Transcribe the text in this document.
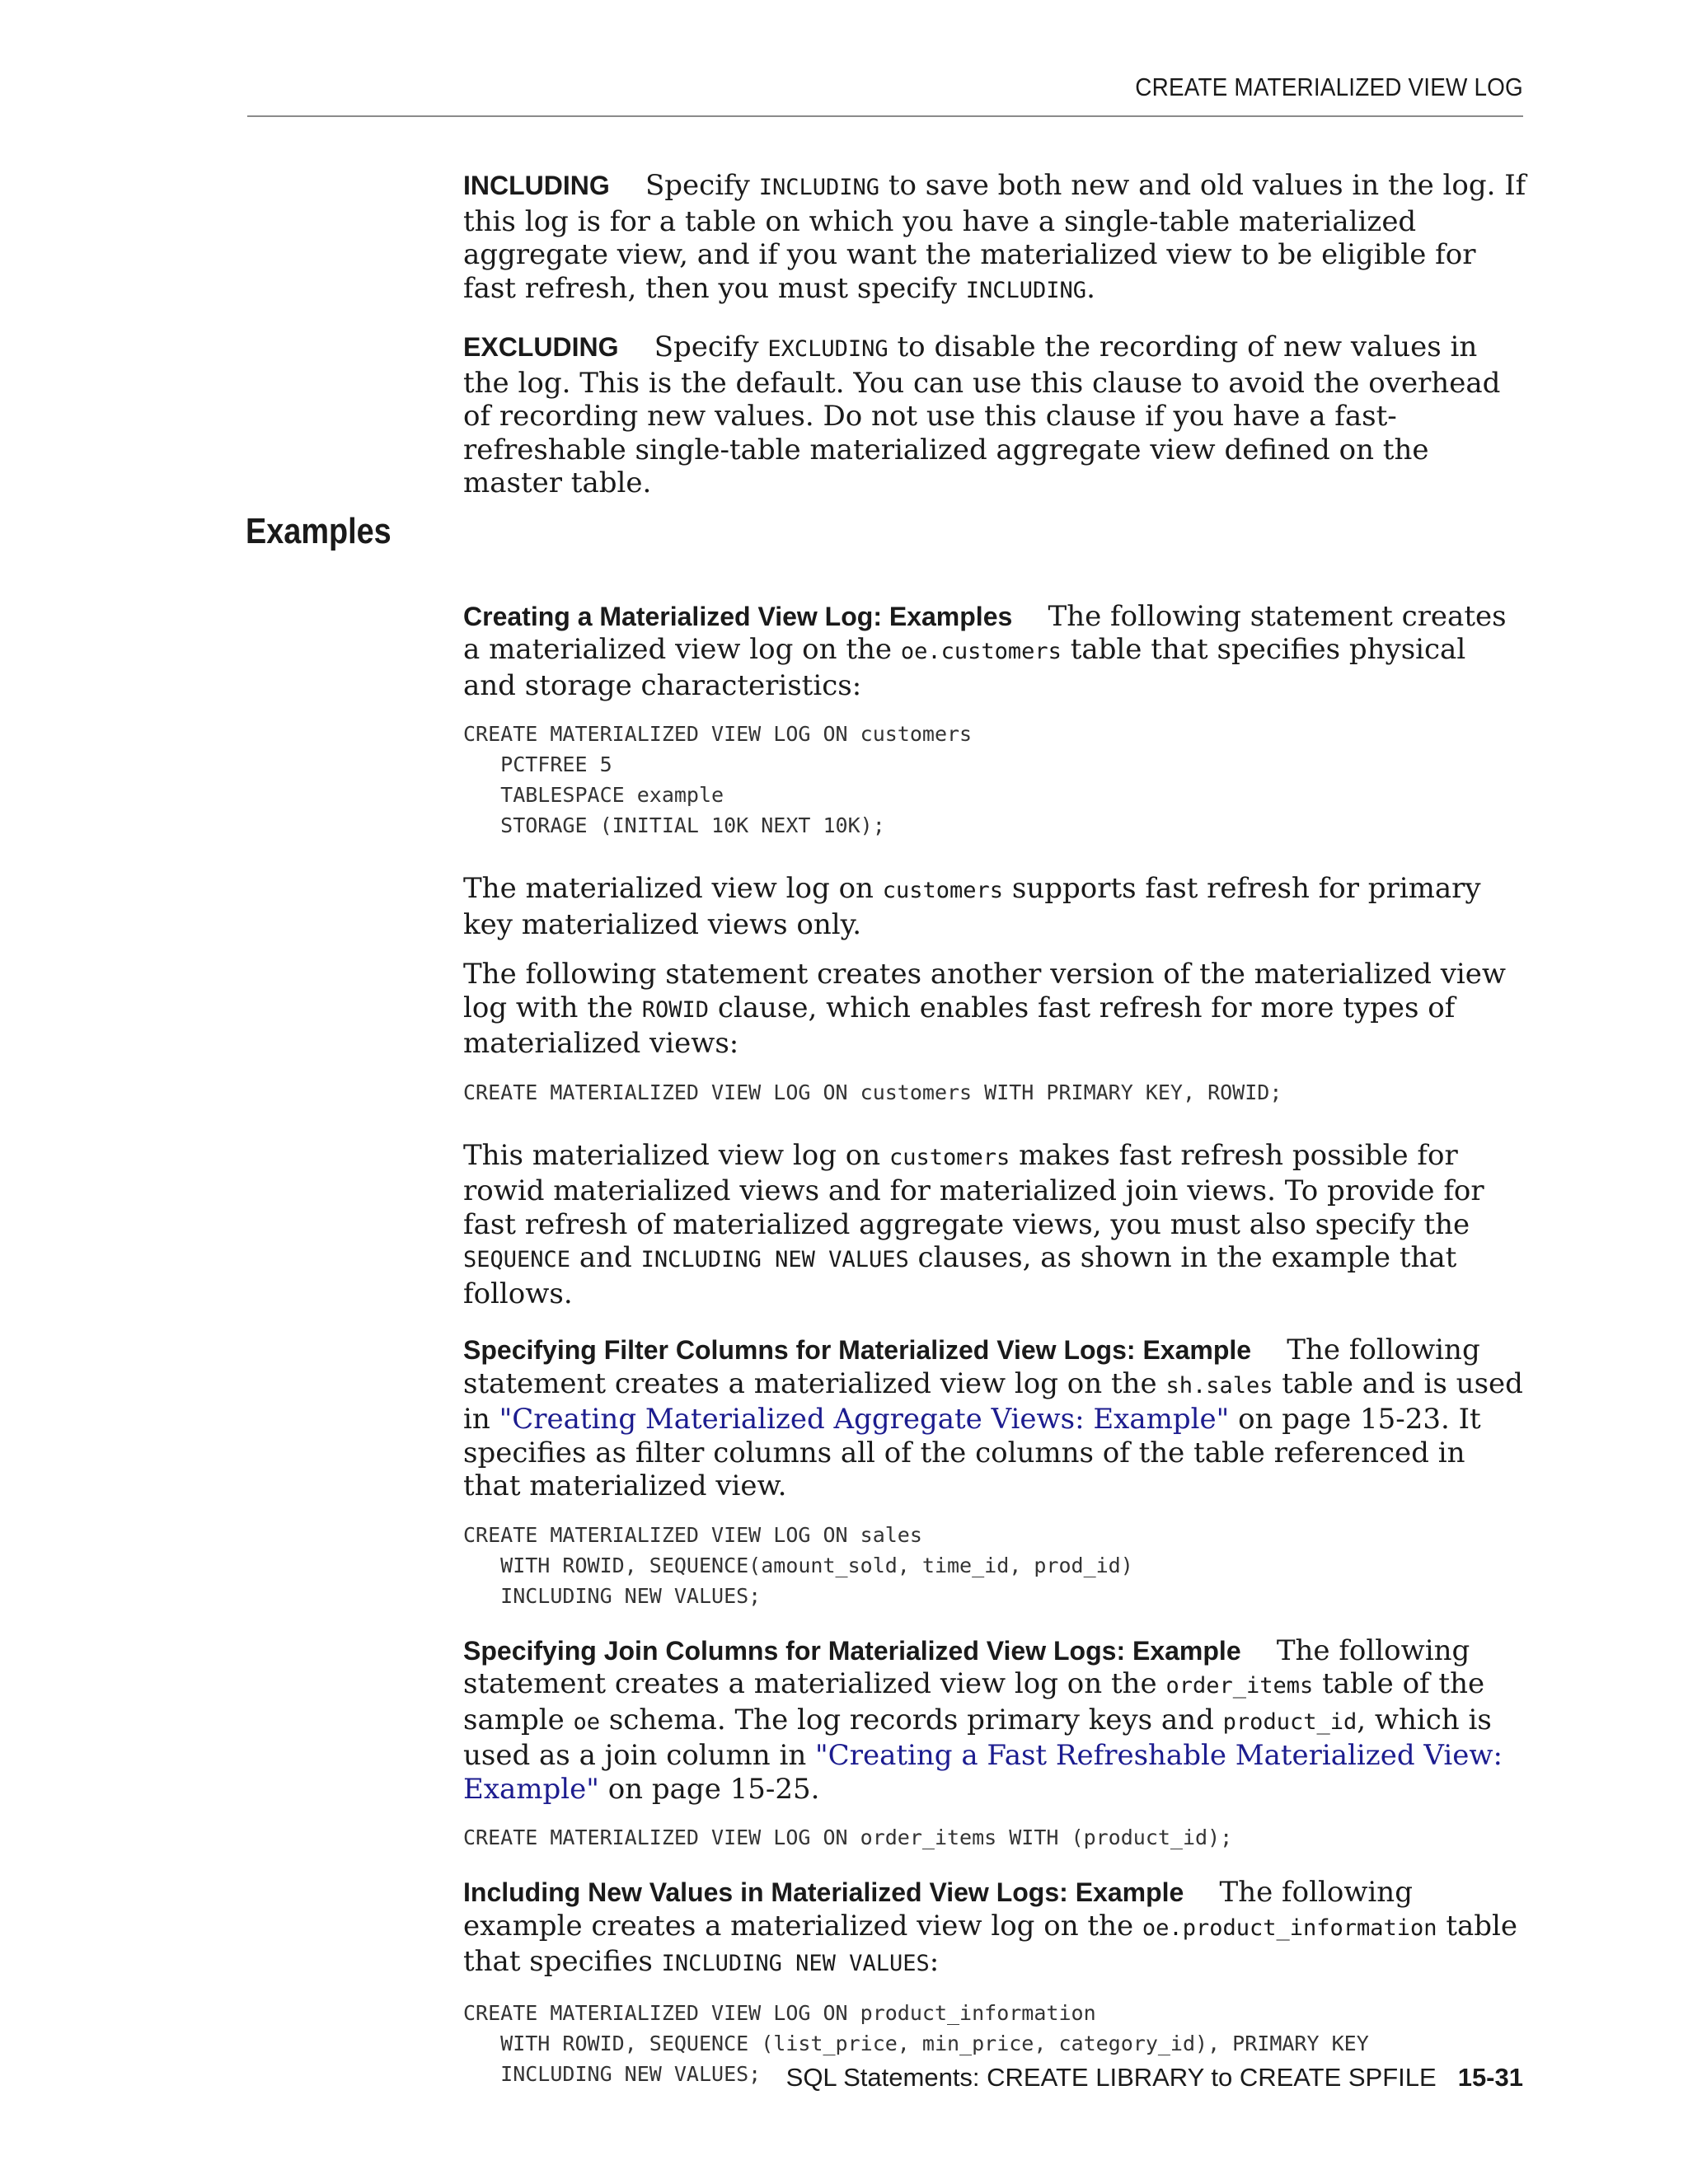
CREATE MATERIALIZED VIEW LOG
Examples

INCLUDING Specify INCLUDING to save both new and old values in the log. If this log is for a table on which you have a single-table materialized aggregate view, and if you want the materialized view to be eligible for fast refresh, then you must specify INCLUDING.

EXCLUDING Specify EXCLUDING to disable the recording of new values in the log. This is the default. You can use this clause to avoid the overhead of recording new values. Do not use this clause if you have a fast-refreshable single-table materialized aggregate view defined on the master table.

Creating a Materialized View Log: Examples The following statement creates a materialized view log on the oe.customers table that specifies physical and storage characteristics:

CREATE MATERIALIZED VIEW LOG ON customers
PCTFREE 5
TABLESPACE example
STORAGE (INITIAL 10K NEXT 10K);

The materialized view log on customers supports fast refresh for primary key materialized views only.

The following statement creates another version of the materialized view log with the ROWID clause, which enables fast refresh for more types of materialized views:

CREATE MATERIALIZED VIEW LOG ON customers WITH PRIMARY KEY, ROWID;

This materialized view log on customers makes fast refresh possible for rowid materialized views and for materialized join views. To provide for fast refresh of materialized aggregate views, you must also specify the SEQUENCE and INCLUDING NEW VALUES clauses, as shown in the example that follows.

Specifying Filter Columns for Materialized View Logs: Example The following statement creates a materialized view log on the sh.sales table and is used in "Creating Materialized Aggregate Views: Example" on page 15-23. It specifies as filter columns all of the columns of the table referenced in that materialized view.

CREATE MATERIALIZED VIEW LOG ON sales
WITH ROWID, SEQUENCE(amount_sold, time_id, prod_id)
INCLUDING NEW VALUES;

Specifying Join Columns for Materialized View Logs: Example The following statement creates a materialized view log on the order_items table of the sample oe schema. The log records primary keys and product_id, which is used as a join column in "Creating a Fast Refreshable Materialized View: Example" on page 15-25.

CREATE MATERIALIZED VIEW LOG ON order_items WITH (product_id);

Including New Values in Materialized View Logs: Example The following example creates a materialized view log on the oe.product_information table that specifies INCLUDING NEW VALUES:

CREATE MATERIALIZED VIEW LOG ON product_information
WITH ROWID, SEQUENCE (list_price, min_price, category_id), PRIMARY KEY
INCLUDING NEW VALUES; SQL Statements: CREATE LIBRARY to CREATE SPFILE 15-31
